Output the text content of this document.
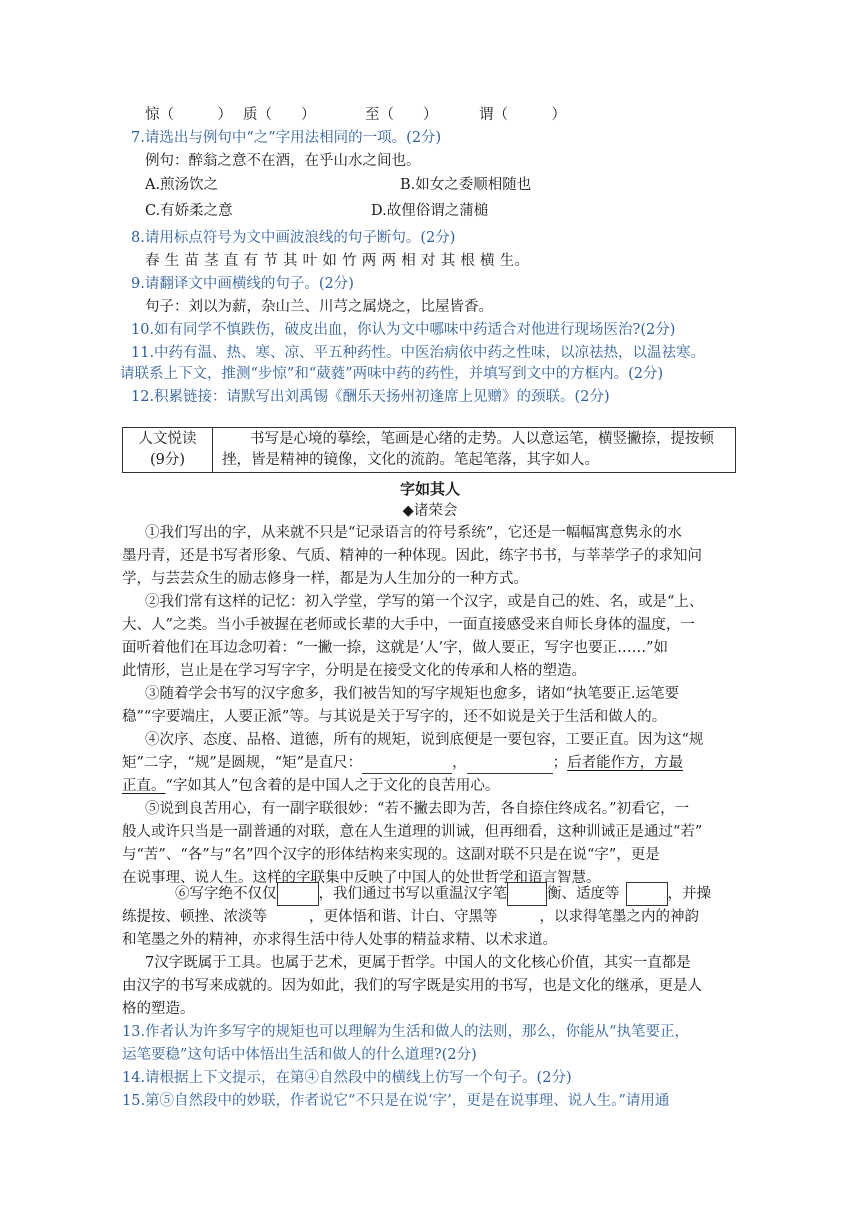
惊（　　　） 质（　　）	至（　　）	谓（　　　）
7.请选出与例句中“之”字用法相同的一项。(2分)
例句：醉翁之意不在酒，在乎山水之间也。
A.煎汤饮之	B.如女之委顺相随也
C.有娇柔之意	D.故俚俗谓之蒲槌
8.请用标点符号为文中画波浪线的句子断句。(2分)
春 生 苗 茎 直 有 节 其 叶 如 竹 两 两 相 对 其 根 横 生。
9.请翻译文中画横线的句子。(2分)
句子：刘以为薪，杂山兰、川芎之属烧之，比屋皆香。
10.如有同学不慎跌伤，破皮出血，你认为文中哪味中药适合对他进行现场医治?(2分)
11.中药有温、热、寒、凉、平五种药性。中医治病依中药之性味，以凉祛热，以温祛寒。
请联系上下文，推测“步惊”和“葳蕤”两味中药的药性，并填写到文中的方框内。(2分)
12.积累链接：请默写出刘禹锡《酬乐天扬州初逢席上见赠》的颈联。(2分)
人文悦读
(9分)
书写是心境的摹绘，笔画是心绪的走势。人以意运笔，横竖撇捺，提按顿
挫，皆是精神的镜像，文化的流韵。笔起笔落，其字如人。
字如其人
◆诸荣会
①我们写出的字，从来就不只是“记录语言的符号系统”，它还是一幅幅寓意隽永的水
墨丹青，还是书写者形象、气质、精神的一种体现。因此，练字书书，与莘莘学子的求知问
学，与芸芸众生的励志修身一样，都是为人生加分的一种方式。
②我们常有这样的记忆：初入学堂，学写的第一个汉字，或是自己的姓、名，或是“上、
大、人”之类。当小手被握在老师或长辈的大手中，一面直接感受来自师长身体的温度，一
面听着他们在耳边念叨着：“一撇一捺，这就是‘人’字，做人要正，写字也要正……”如
此情形，岂止是在学习写字字，分明是在接受文化的传承和人格的塑造。
③随着学会书写的汉字愈多，我们被告知的写字规矩也愈多，诸如“执笔要正.运笔要
稳”“字要端庄，人要正派”等。与其说是关于写字的，还不如说是关于生活和做人的。
④次序、态度、品格、道德，所有的规矩，说到底便是一要包容，工要正直。因为这“规
矩”二字，“规”是圆规，“矩”是直尺：	，	；后者能作方，方最
正直。“字如其人”包含着的是中国人之于文化的良苦用心。
⑤说到良苦用心，有一副字联很妙：“若不撇去即为苦，各自捺住终成名。”初看它，一
般人或许只当是一副普通的对联，意在人生道理的训诫，但再细看，这种训诫正是通过“若”
与“苦”、“各”与“名”四个汉字的形体结构来实现的。这副对联不只是在说“字”，更是
在说事理、说人生。这样的字联集中反映了中国人的处世哲学和语言智慧。
⑥写字绝不仅仅	，我们通过书写以重温汉字笔	衡、适度等	，并操
练提按、顿挫、浓淡等	，更体悟和谐、计白、守黑等	，以求得笔墨之内的神韵
和笔墨之外的精神，亦求得生活中待人处事的精益求精、以术求道。
7汉字既属于工具。也属于艺术，更属于哲学。中国人的文化核心价值，其实一直都是
由汉字的书写来成就的。因为如此，我们的写字既是实用的书写，也是文化的继承，更是人
格的塑造。
13.作者认为许多写字的规矩也可以理解为生活和做人的法则，那么，你能从“执笔要正，
运笔要稳”这句话中体悟出生活和做人的什么道理?(2分)
14.请根据上下文提示，在第④自然段中的横线上仿写一个句子。(2分)
15.第⑤自然段中的妙联，作者说它“不只是在说‘字’，更是在说事理、说人生。”请用通
